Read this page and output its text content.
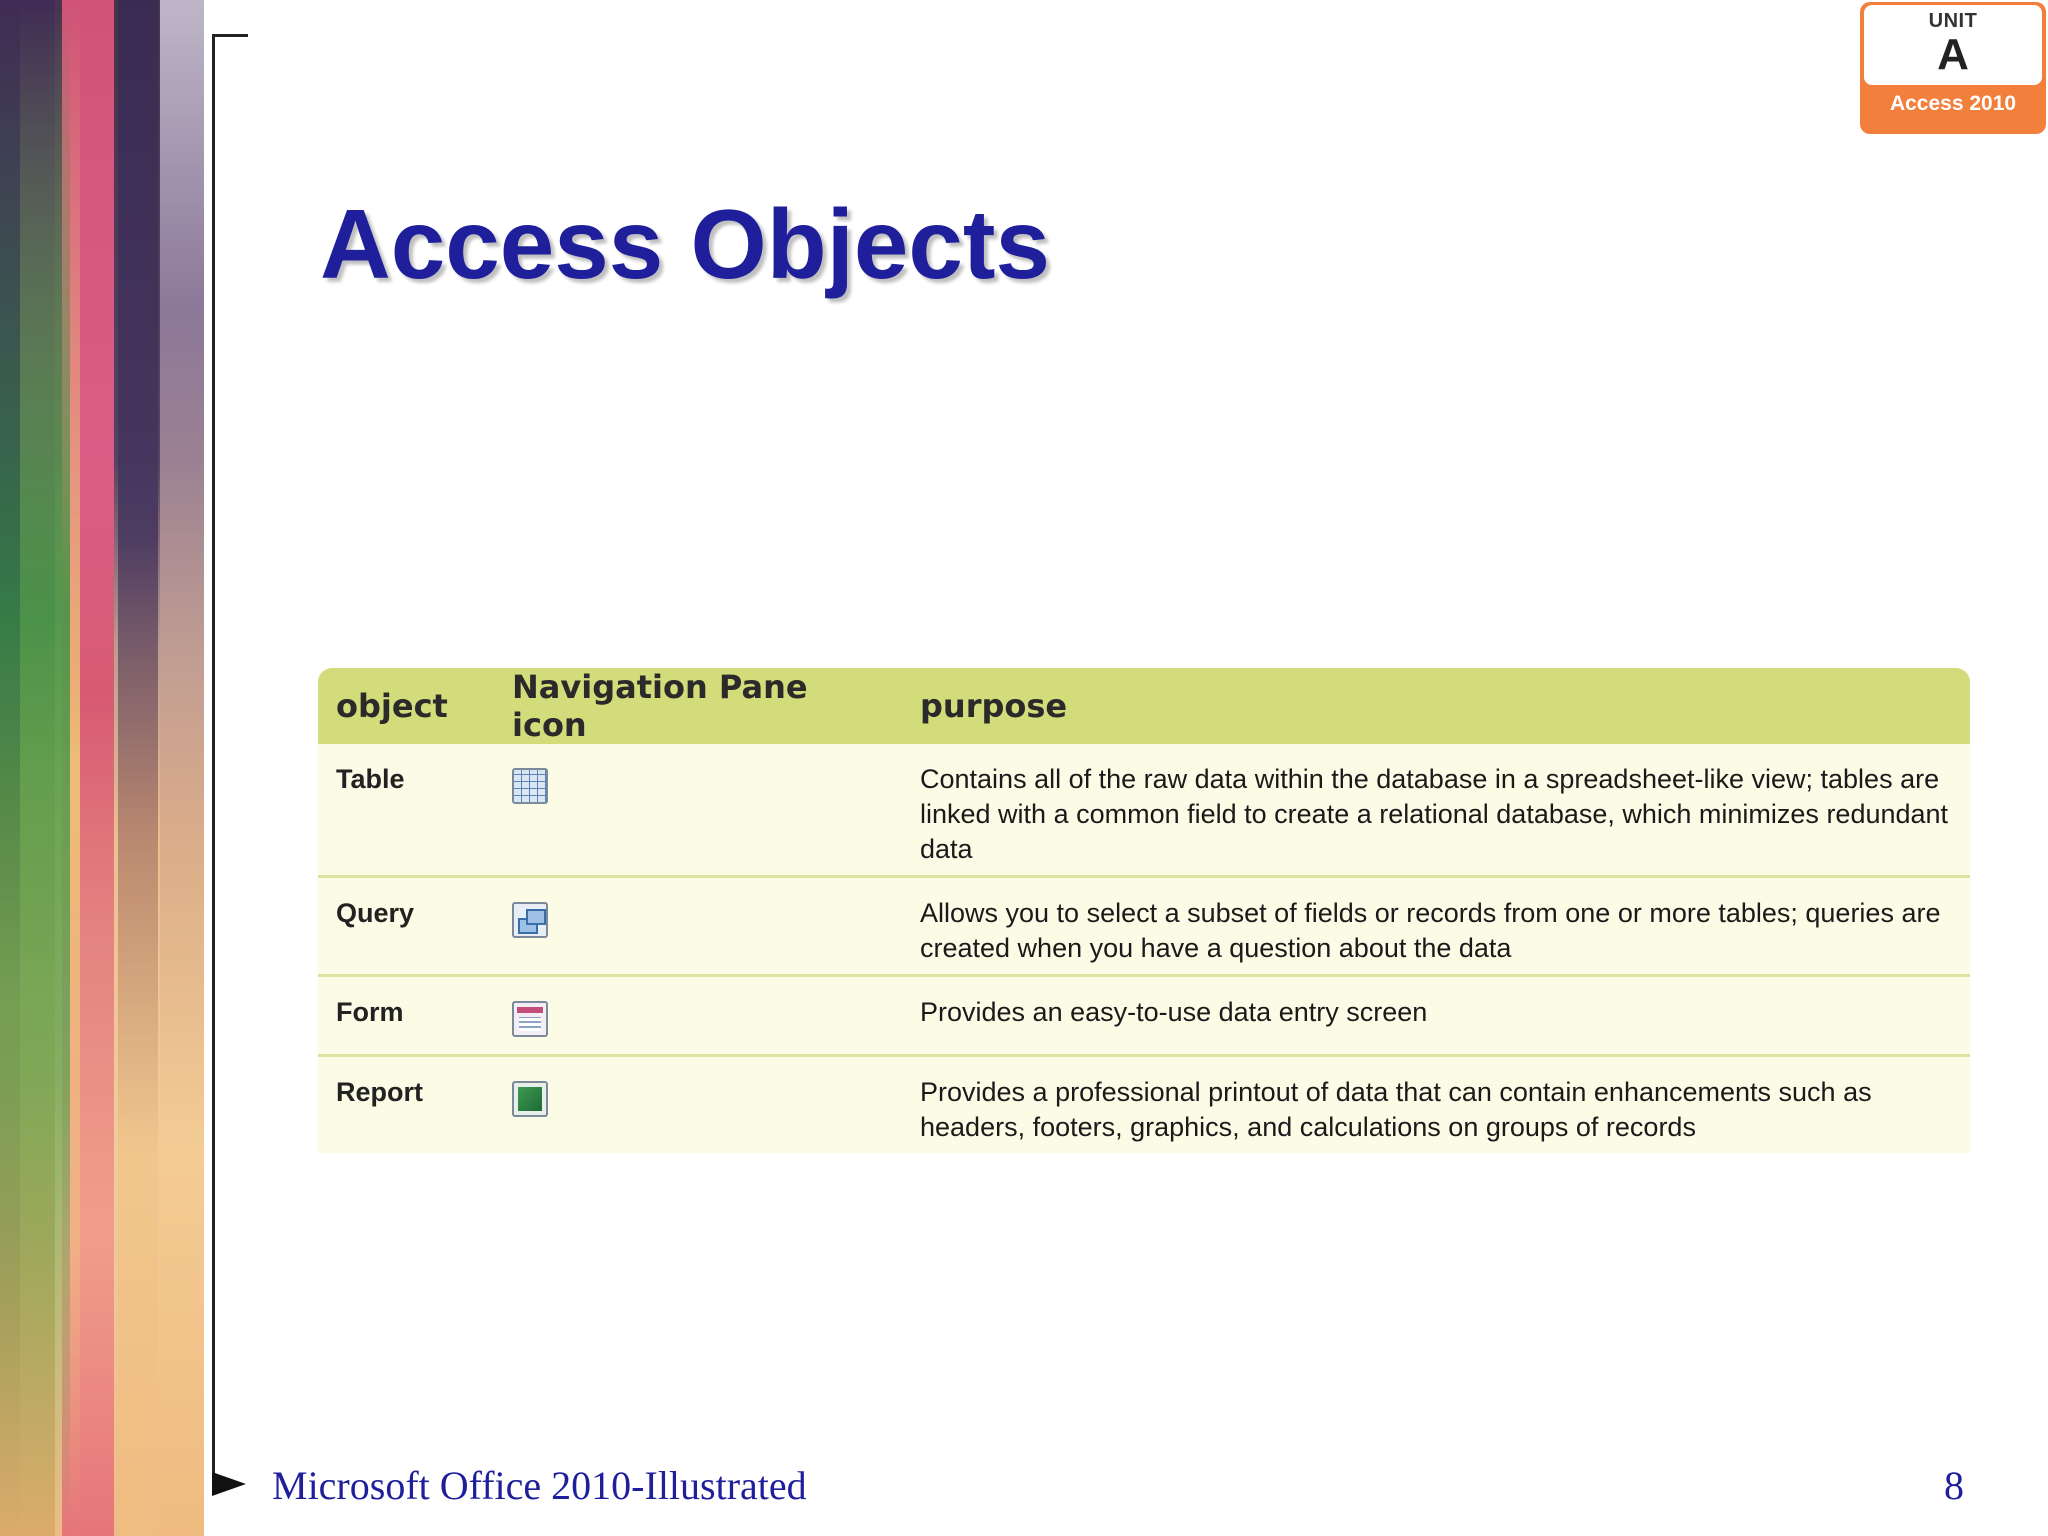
UNIT
A
Access 2010
Access Objects
object	Navigation Pane icon	purpose
Table		Contains all of the raw data within the database in a spreadsheet-like view; tables are linked with a common field to create a relational database, which minimizes redundant data
Query		Allows you to select a subset of fields or records from one or more tables; queries are created when you have a question about the data
Form		Provides an easy-to-use data entry screen
Report		Provides a professional printout of data that can contain enhancements such as headers, footers, graphics, and calculations on groups of records
Microsoft Office 2010-Illustrated	8
